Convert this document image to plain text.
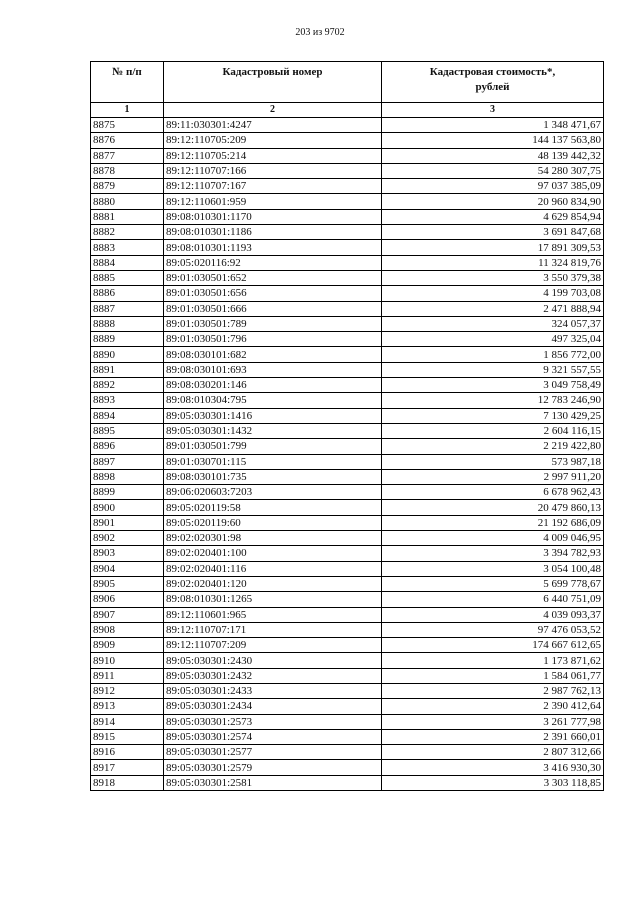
203 из 9702
№ п/п	Кадастровый номер	Кадастровая стоимость*,
рублей
1	2	3
8875	89:11:030301:4247	1 348 471,67
8876	89:12:110705:209	144 137 563,80
8877	89:12:110705:214	48 139 442,32
8878	89:12:110707:166	54 280 307,75
8879	89:12:110707:167	97 037 385,09
8880	89:12:110601:959	20 960 834,90
8881	89:08:010301:1170	4 629 854,94
8882	89:08:010301:1186	3 691 847,68
8883	89:08:010301:1193	17 891 309,53
8884	89:05:020116:92	11 324 819,76
8885	89:01:030501:652	3 550 379,38
8886	89:01:030501:656	4 199 703,08
8887	89:01:030501:666	2 471 888,94
8888	89:01:030501:789	324 057,37
8889	89:01:030501:796	497 325,04
8890	89:08:030101:682	1 856 772,00
8891	89:08:030101:693	9 321 557,55
8892	89:08:030201:146	3 049 758,49
8893	89:08:010304:795	12 783 246,90
8894	89:05:030301:1416	7 130 429,25
8895	89:05:030301:1432	2 604 116,15
8896	89:01:030501:799	2 219 422,80
8897	89:01:030701:115	573 987,18
8898	89:08:030101:735	2 997 911,20
8899	89:06:020603:7203	6 678 962,43
8900	89:05:020119:58	20 479 860,13
8901	89:05:020119:60	21 192 686,09
8902	89:02:020301:98	4 009 046,95
8903	89:02:020401:100	3 394 782,93
8904	89:02:020401:116	3 054 100,48
8905	89:02:020401:120	5 699 778,67
8906	89:08:010301:1265	6 440 751,09
8907	89:12:110601:965	4 039 093,37
8908	89:12:110707:171	97 476 053,52
8909	89:12:110707:209	174 667 612,65
8910	89:05:030301:2430	1 173 871,62
8911	89:05:030301:2432	1 584 061,77
8912	89:05:030301:2433	2 987 762,13
8913	89:05:030301:2434	2 390 412,64
8914	89:05:030301:2573	3 261 777,98
8915	89:05:030301:2574	2 391 660,01
8916	89:05:030301:2577	2 807 312,66
8917	89:05:030301:2579	3 416 930,30
8918	89:05:030301:2581	3 303 118,85
